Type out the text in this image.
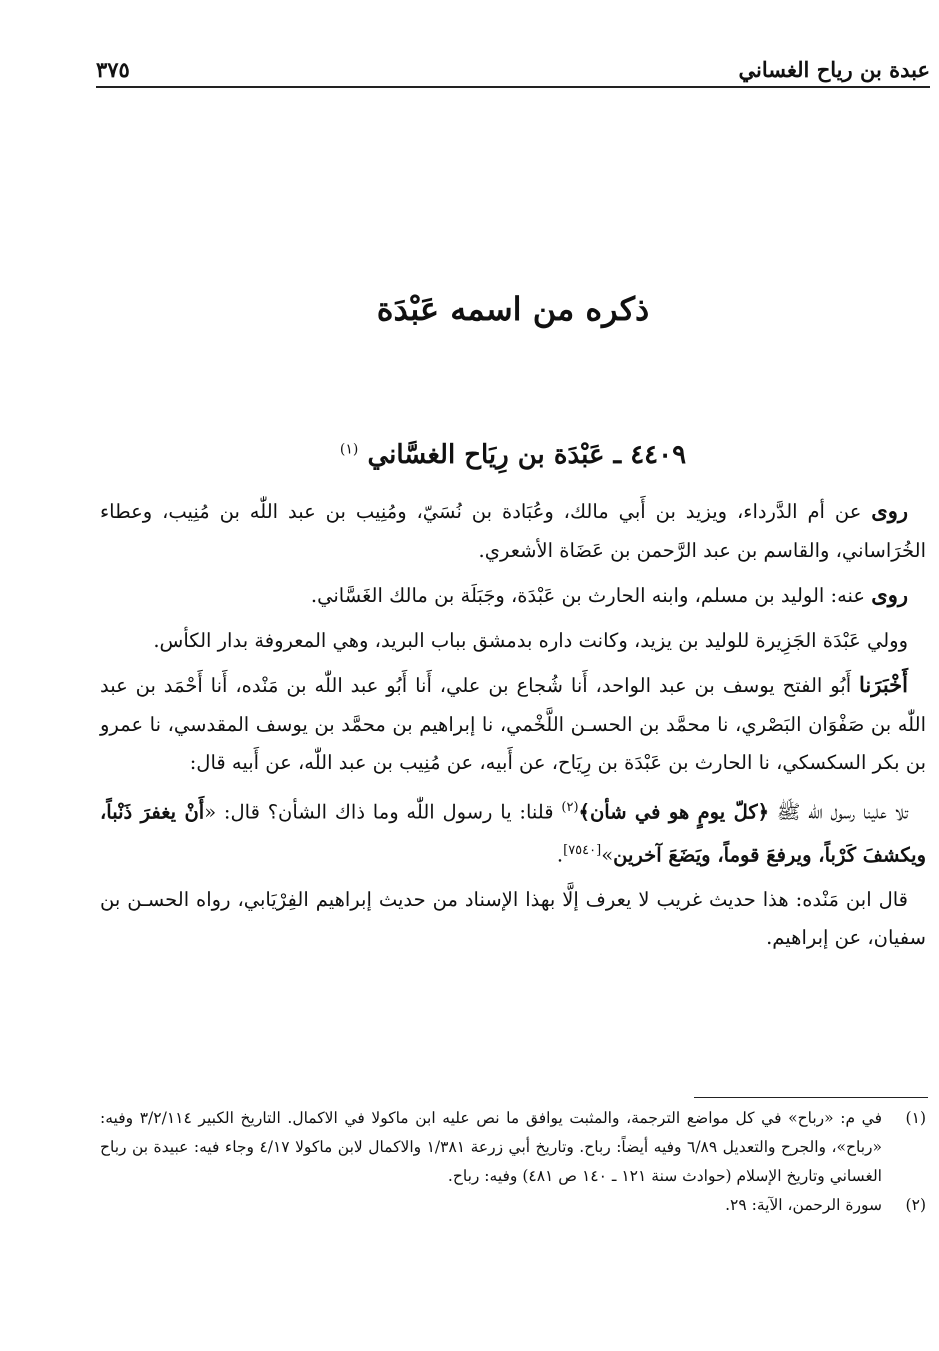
عبدة بن رياح الغساني
٣٧٥
ذكره من اسمه عَبْدَة
٤٤٠٩ ـ عَبْدَة بن رِيَاح الغسَّاني $^{(١)}$

روى عن أم الدَّرداء، ويزيد بن أَبي مالك، وعُبَادة بن نُسَيّ، ومُنِيب بن عبد اللّٰه بن مُنِيب، وعطاء الخُرَاساني، والقاسم بن عبد الرَّحمن بن عَضَاة الأشعري.

روى عنه: الوليد بن مسلم، وابنه الحارث بن عَبْدَة، وجَبَلَة بن مالك الغَسَّاني.

وولي عَبْدَة الجَزِيرة للوليد بن يزيد، وكانت داره بدمشق بباب البريد، وهي المعروفة بدار الكأس.

أَخْبَرَنا أَبُو الفتح يوسف بن عبد الواحد، أَنا شُجاع بن علي، أَنا أَبُو عبد اللّٰه بن مَنْده، أَنا أَحْمَد بن عبد اللّٰه بن صَفْوَان البَصْري، نا محمَّد بن الحسـن اللَّخْمي، نا إبراهيم بن محمَّد بن يوسف المقدسي، نا عمرو بن بكر السكسكي، نا الحارث بن عَبْدَة بن رِيَاح، عن أَبيه، عن مُنِيب بن عبد اللّٰه، عن أَبيه قال:

تلا علينا رسول اللّٰه ﷺ ﴿كلّ يومٍ هو في شأن﴾$^{(٢)}$ قلنا: يا رسول اللّٰه وما ذاك الشأن؟ قال: «أَنْ يغفرَ ذَنْباً، ويكشفَ كَرْباً، ويرفعَ قوماً، ويَضَعَ آخرين»[٧٥٤٠].

قال ابن مَنْده: هذا حديث غريب لا يعرف إلَّا بهذا الإسناد من حديث إبراهيم الفِرْيَابي، رواه الحسـن بن سفيان، عن إبراهيم.

(١)
في م: «رباح» في كل مواضع الترجمة، والمثبت يوافق ما نص عليه ابن ماكولا في الاكمال. التاريخ الكبير ٣/٢/١١٤ وفيه: «رباح»، والجرح والتعديل ٦/٨٩ وفيه أيضاً: رباح. وتاريخ أبي زرعة ١/٣٨١ والاكمال لابن ماكولا ٤/١٧ وجاء فيه: عبيدة بن رباح الغساني وتاريخ الإسلام (حوادث سنة ١٢١ ـ ١٤٠ ص ٤٨١) وفيه: رباح.
(٢)
سورة الرحمن، الآية: ٢٩.
